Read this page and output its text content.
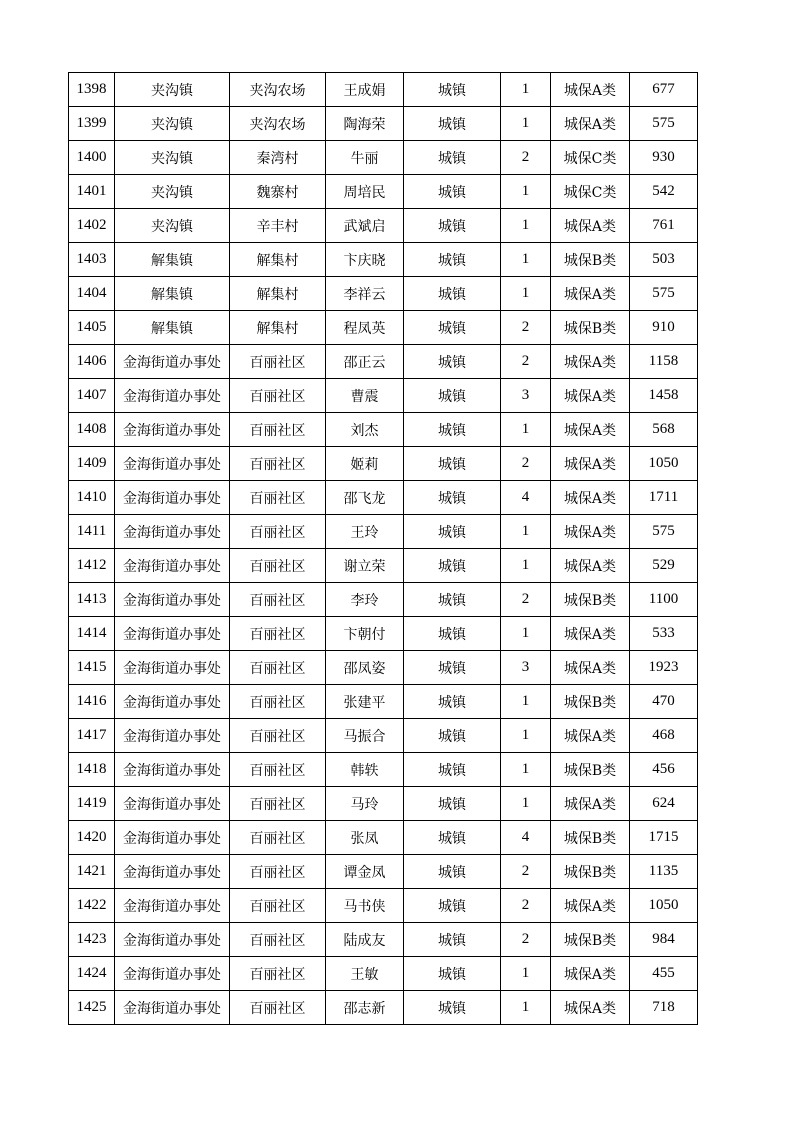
1398	夹沟镇	夹沟农场	王成娟	城镇	1	城保A类	677
1399	夹沟镇	夹沟农场	陶海荣	城镇	1	城保A类	575
1400	夹沟镇	秦湾村	牛丽	城镇	2	城保C类	930
1401	夹沟镇	魏寨村	周培民	城镇	1	城保C类	542
1402	夹沟镇	辛丰村	武斌启	城镇	1	城保A类	761
1403	解集镇	解集村	卞庆晓	城镇	1	城保B类	503
1404	解集镇	解集村	李祥云	城镇	1	城保A类	575
1405	解集镇	解集村	程凤英	城镇	2	城保B类	910
1406	金海街道办事处	百丽社区	邵正云	城镇	2	城保A类	1158
1407	金海街道办事处	百丽社区	曹震	城镇	3	城保A类	1458
1408	金海街道办事处	百丽社区	刘杰	城镇	1	城保A类	568
1409	金海街道办事处	百丽社区	姬莉	城镇	2	城保A类	1050
1410	金海街道办事处	百丽社区	邵飞龙	城镇	4	城保A类	1711
1411	金海街道办事处	百丽社区	王玲	城镇	1	城保A类	575
1412	金海街道办事处	百丽社区	谢立荣	城镇	1	城保A类	529
1413	金海街道办事处	百丽社区	李玲	城镇	2	城保B类	1100
1414	金海街道办事处	百丽社区	卞朝付	城镇	1	城保A类	533
1415	金海街道办事处	百丽社区	邵凤姿	城镇	3	城保A类	1923
1416	金海街道办事处	百丽社区	张建平	城镇	1	城保B类	470
1417	金海街道办事处	百丽社区	马振合	城镇	1	城保A类	468
1418	金海街道办事处	百丽社区	韩轶	城镇	1	城保B类	456
1419	金海街道办事处	百丽社区	马玲	城镇	1	城保A类	624
1420	金海街道办事处	百丽社区	张凤	城镇	4	城保B类	1715
1421	金海街道办事处	百丽社区	谭金凤	城镇	2	城保B类	1135
1422	金海街道办事处	百丽社区	马书侠	城镇	2	城保A类	1050
1423	金海街道办事处	百丽社区	陆成友	城镇	2	城保B类	984
1424	金海街道办事处	百丽社区	王敏	城镇	1	城保A类	455
1425	金海街道办事处	百丽社区	邵志新	城镇	1	城保A类	718
